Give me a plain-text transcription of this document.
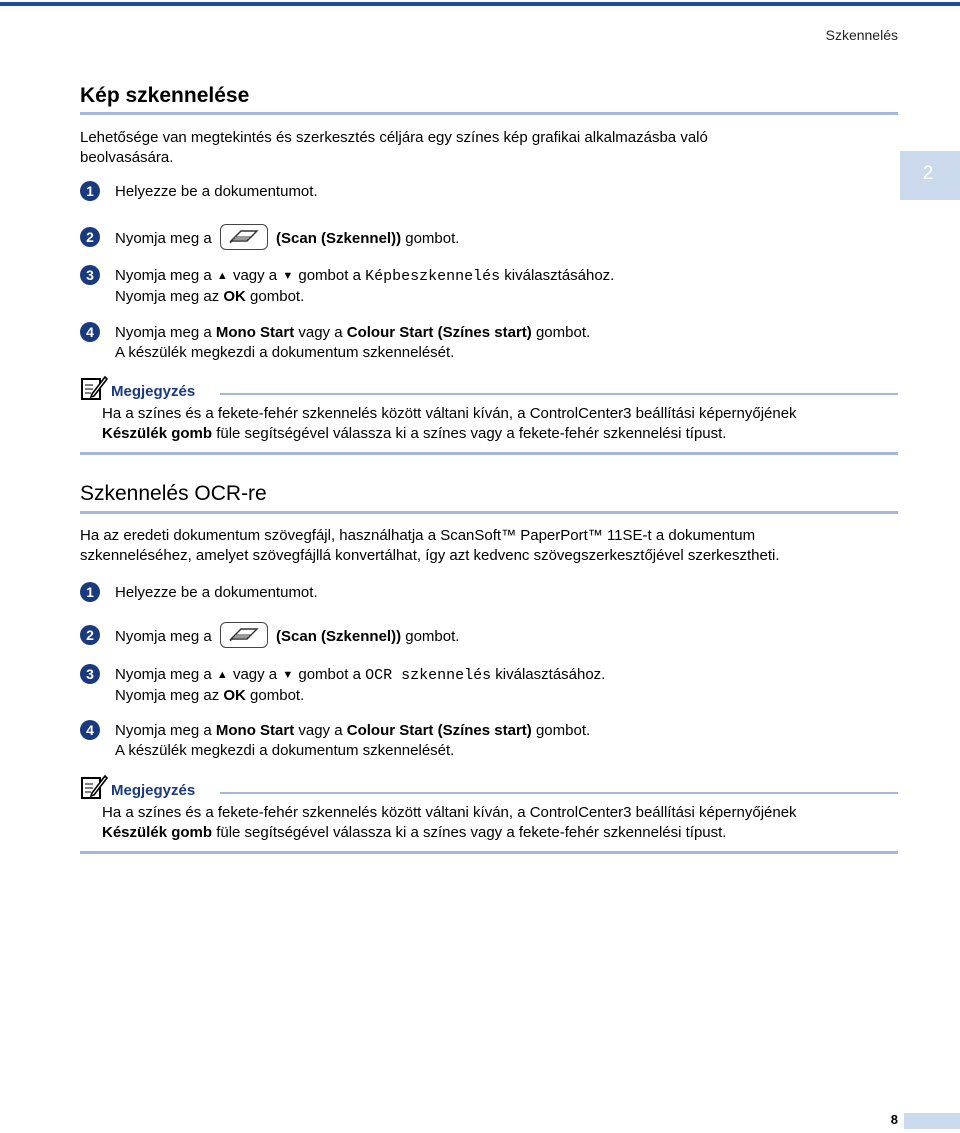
Szkennelés
2
Kép szkennelése
Lehetősége van megtekintés és szerkesztés céljára egy színes kép grafikai alkalmazásba való
beolvasására.
1	Helyezze be a dokumentumot.
2	Nyomja meg a	(Scan (Szkennel)) gombot.
3	Nyomja meg a ▲ vagy a ▼ gombot a Képbeszkennelés kiválasztásához.
Nyomja meg az OK gombot.
4	Nyomja meg a Mono Start vagy a Colour Start (Színes start) gombot.
A készülék megkezdi a dokumentum szkennelését.
Megjegyzés
Ha a színes és a fekete-fehér szkennelés között váltani kíván, a ControlCenter3 beállítási képernyőjének
Készülék gomb füle segítségével válassza ki a színes vagy a fekete-fehér szkennelési típust.
Szkennelés OCR-re
Ha az eredeti dokumentum szövegfájl, használhatja a ScanSoft™ PaperPort™ 11SE-t a dokumentum
szkenneléséhez, amelyet szövegfájllá konvertálhat, így azt kedvenc szövegszerkesztőjével szerkesztheti.
1	Helyezze be a dokumentumot.
2	Nyomja meg a	(Scan (Szkennel)) gombot.
3	Nyomja meg a ▲ vagy a ▼ gombot a OCR szkennelés kiválasztásához.
Nyomja meg az OK gombot.
4	Nyomja meg a Mono Start vagy a Colour Start (Színes start) gombot.
A készülék megkezdi a dokumentum szkennelését.
Megjegyzés
Ha a színes és a fekete-fehér szkennelés között váltani kíván, a ControlCenter3 beállítási képernyőjének
Készülék gomb füle segítségével válassza ki a színes vagy a fekete-fehér szkennelési típust.
8
